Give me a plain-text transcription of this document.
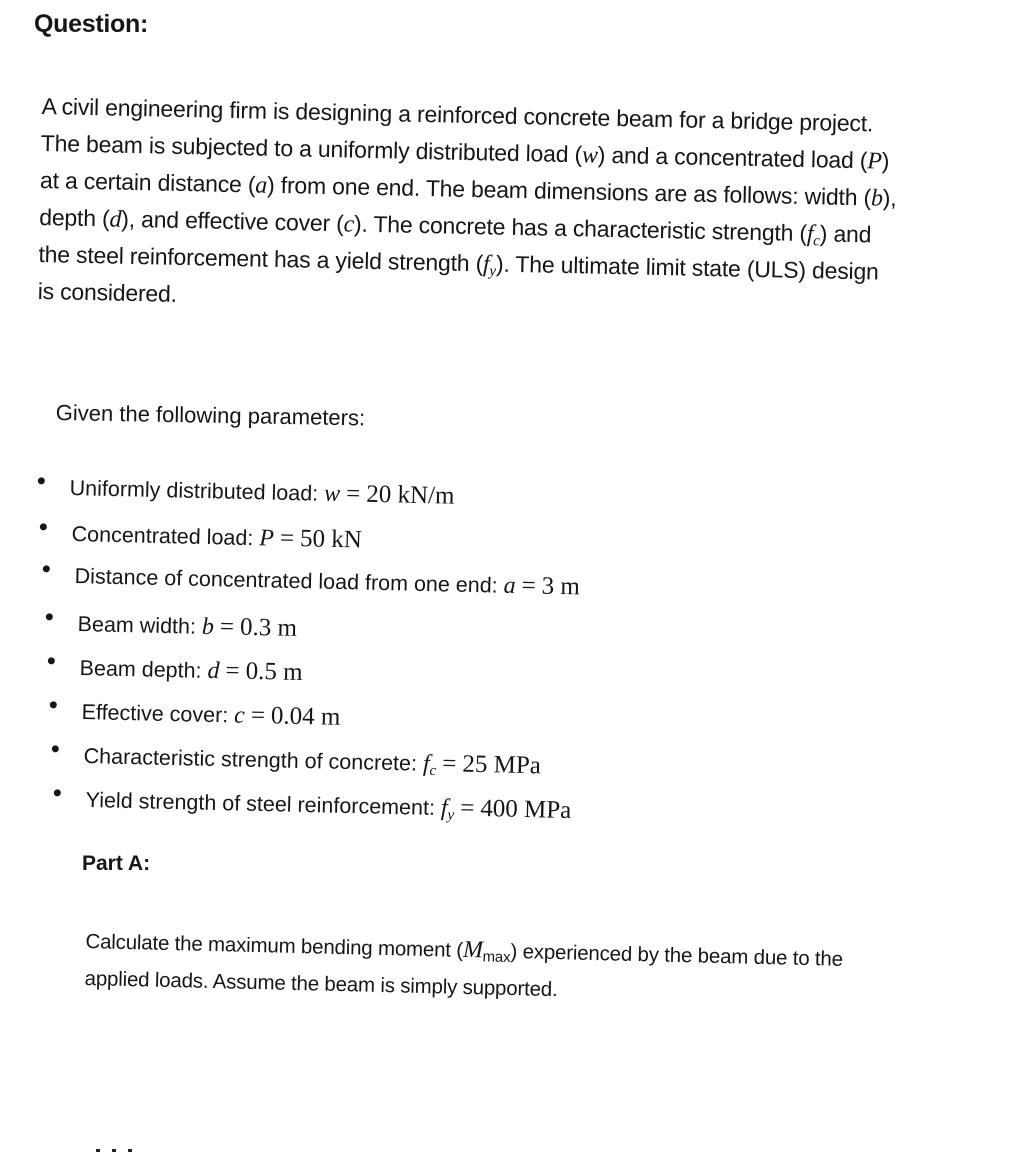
Question:
A civil engineering firm is designing a reinforced concrete beam for a bridge project.
The beam is subjected to a uniformly distributed load (w) and a concentrated load (P)
at a certain distance (a) from one end. The beam dimensions are as follows: width (b),
depth (d), and effective cover (c). The concrete has a characteristic strength $(f_c)$ and
the steel reinforcement has a yield strength $(f_y)$. The ultimate limit state (ULS) design
is considered.
Given the following parameters:
Uniformly distributed load: w = 20 kN/m
Concentrated load: P = 50 kN
Distance of concentrated load from one end: a = 3 m
Beam width: b = 0.3 m
Beam depth: d = 0.5 m
Effective cover: c = 0.04 m
Characteristic strength of concrete: $f_c = 25$ MPa
Yield strength of steel reinforcement: $f_y = 400$ MPa
Part A:
Calculate the maximum bending moment $(M_{max})$ experienced by the beam due to the
applied loads. Assume the beam is simply supported.
